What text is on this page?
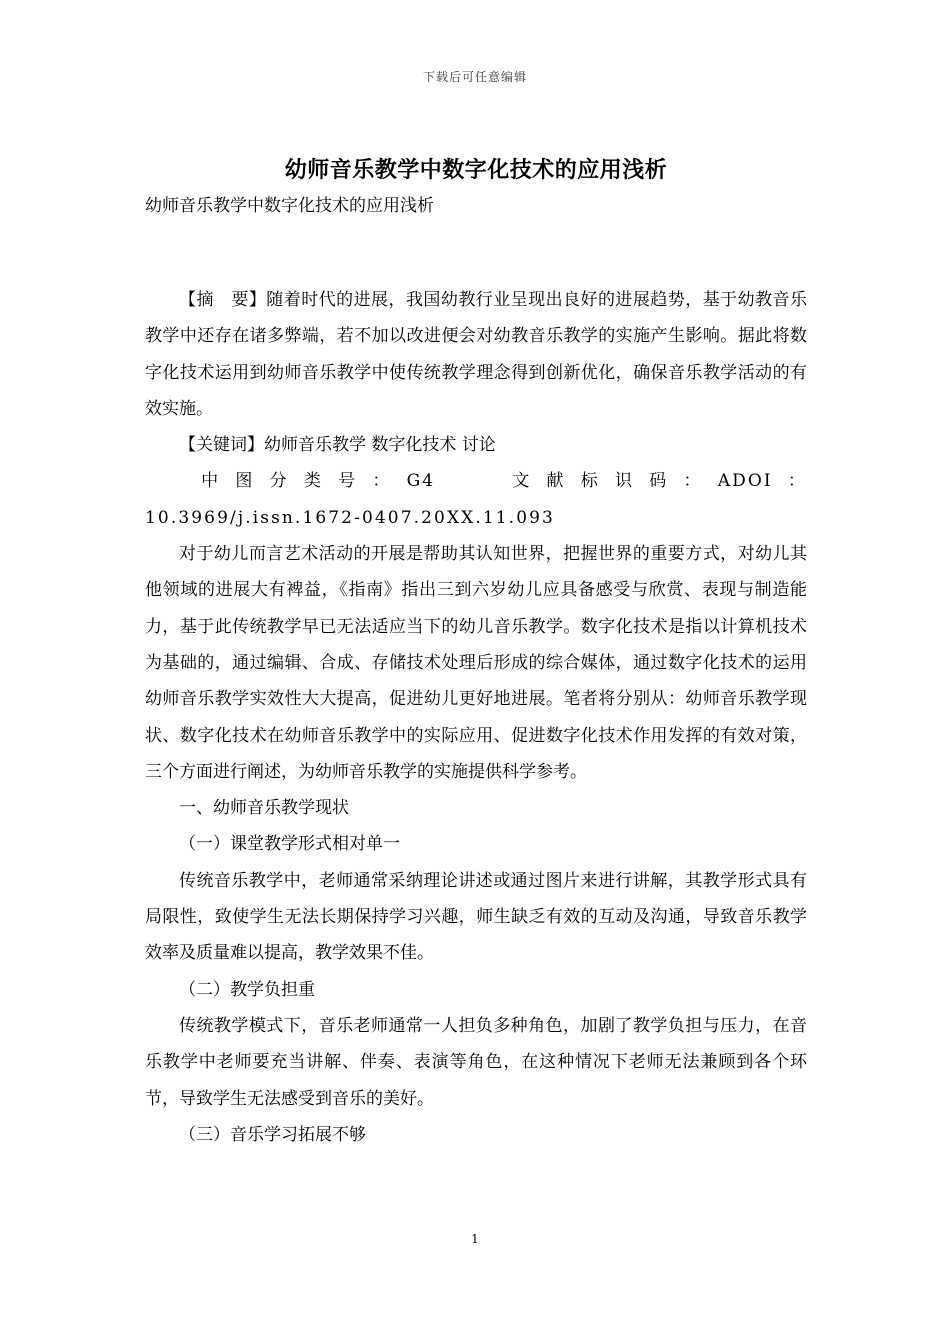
下载后可任意编辑
幼师音乐教学中数字化技术的应用浅析
幼师音乐教学中数字化技术的应用浅析

【摘　要】随着时代的进展，我国幼教行业呈现出良好的进展趋势，基于幼教音乐教学中还存在诸多弊端，若不加以改进便会对幼教音乐教学的实施产生影响。据此将数字化技术运用到幼师音乐教学中使传统教学理念得到创新优化，确保音乐教学活动的有效实施。

【关键词】幼师音乐教学 数字化技术 讨论

中图分类号：G4	文献标识码：ADOI：10.3969/j.issn.1672-0407.20XX.11.093

对于幼儿而言艺术活动的开展是帮助其认知世界，把握世界的重要方式，对幼儿其他领域的进展大有裨益，《指南》指出三到六岁幼儿应具备感受与欣赏、表现与制造能力，基于此传统教学早已无法适应当下的幼儿音乐教学。数字化技术是指以计算机技术为基础的，通过编辑、合成、存储技术处理后形成的综合媒体，通过数字化技术的运用幼师音乐教学实效性大大提高，促进幼儿更好地进展。笔者将分别从：幼师音乐教学现状、数字化技术在幼师音乐教学中的实际应用、促进数字化技术作用发挥的有效对策，三个方面进行阐述，为幼师音乐教学的实施提供科学参考。

一、幼师音乐教学现状

（一）课堂教学形式相对单一

传统音乐教学中，老师通常采纳理论讲述或通过图片来进行讲解，其教学形式具有局限性，致使学生无法长期保持学习兴趣，师生缺乏有效的互动及沟通，导致音乐教学效率及质量难以提高，教学效果不佳。

（二）教学负担重

传统教学模式下，音乐老师通常一人担负多种角色，加剧了教学负担与压力，在音乐教学中老师要充当讲解、伴奏、表演等角色，在这种情况下老师无法兼顾到各个环节，导致学生无法感受到音乐的美好。

（三）音乐学习拓展不够

1
